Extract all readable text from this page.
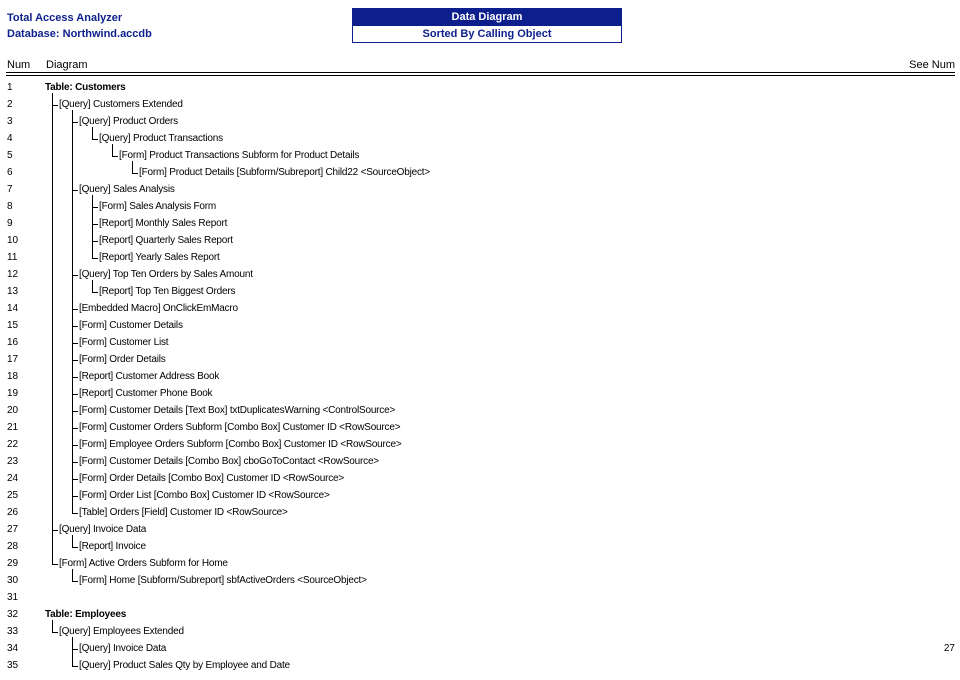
Total Access Analyzer
Database: Northwind.accdb
Data Diagram
Sorted By Calling Object
Num Diagram	See Num
1	Table: Customers
2	[Query] Customers Extended
3	[Query] Product Orders
4	[Query] Product Transactions
5	[Form] Product Transactions Subform for Product Details
6	[Form] Product Details [Subform/Subreport] Child22 <SourceObject>
7	[Query] Sales Analysis
8	[Form] Sales Analysis Form
9	[Report] Monthly Sales Report
10	[Report] Quarterly Sales Report
11	[Report] Yearly Sales Report
12	[Query] Top Ten Orders by Sales Amount
13	[Report] Top Ten Biggest Orders
14	[Embedded Macro] OnClickEmMacro
15	[Form] Customer Details
16	[Form] Customer List
17	[Form] Order Details
18	[Report] Customer Address Book
19	[Report] Customer Phone Book
20	[Form] Customer Details [Text Box] txtDuplicatesWarning <ControlSource>
21	[Form] Customer Orders Subform [Combo Box] Customer ID <RowSource>
22	[Form] Employee Orders Subform [Combo Box] Customer ID <RowSource>
23	[Form] Customer Details [Combo Box] cboGoToContact <RowSource>
24	[Form] Order Details [Combo Box] Customer ID <RowSource>
25	[Form] Order List [Combo Box] Customer ID <RowSource>
26	[Table] Orders [Field] Customer ID <RowSource>
27	[Query] Invoice Data
28	[Report] Invoice
29	[Form] Active Orders Subform for Home
30	[Form] Home [Subform/Subreport] sbfActiveOrders <SourceObject>
31
32	Table: Employees
33	[Query] Employees Extended
34	[Query] Invoice Data	27
35	[Query] Product Sales Qty by Employee and Date
